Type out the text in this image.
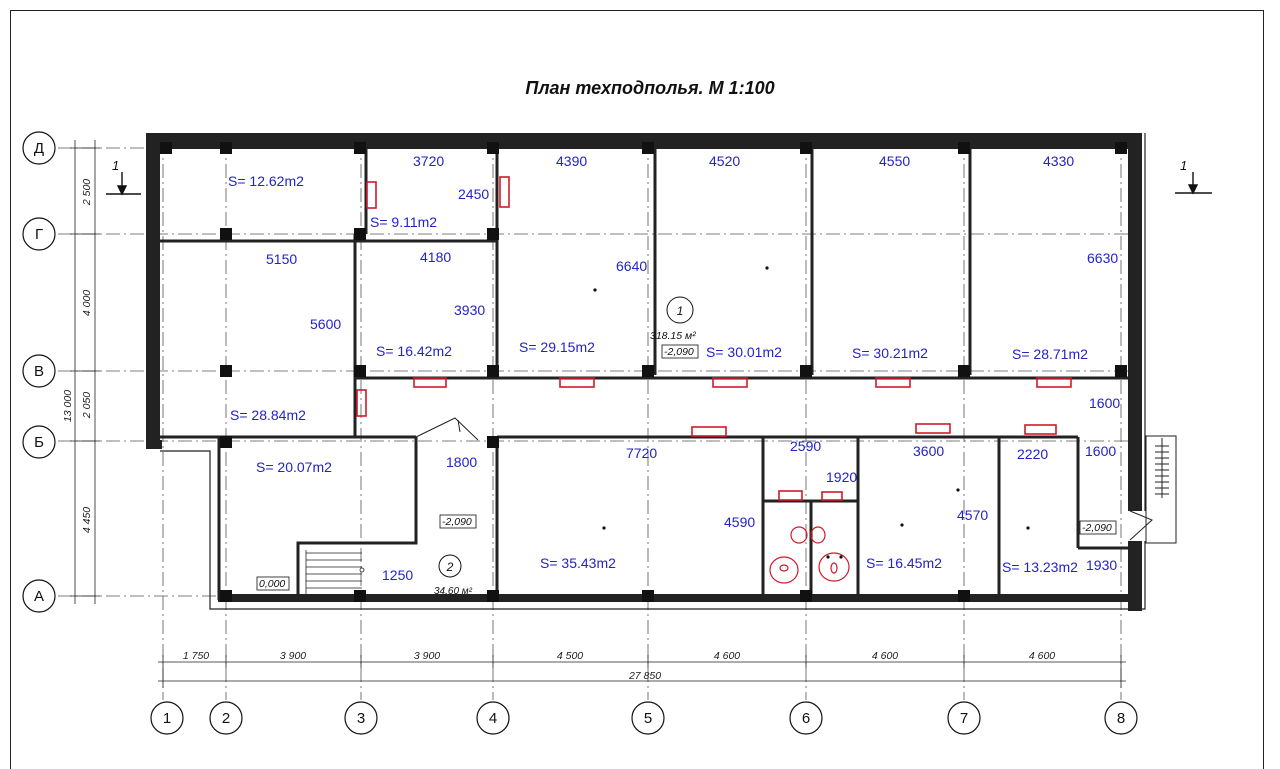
План техподполья. М 1:100
1	1
Д
Г
В
Б
А
1	2	3	4	5	6	7	8
2 500
4 000
2 050
4 450
13 000
1 750	3 900	3 900	4 500	4 600	4 600	4 600
27 850
S= 12.62m2
3720
2450
S= 9.11m2
4390	4520	4550	4330
5150	4180
6640	6630
5600
3930
S= 16.42m2	S= 29.15m2	S= 30.01m2	S= 30.21m2	S= 28.71m2
S= 28.84m2
1600
S= 20.07m2	1800
7720	2590	3600	2220	1600
1920
4590	4570
S= 35.43m2	S= 16.45m2	S= 13.23m2 1930
1250
1
318.15 м²
2
34.60 м²
-2,090
-2,090	-2,090
0,000
